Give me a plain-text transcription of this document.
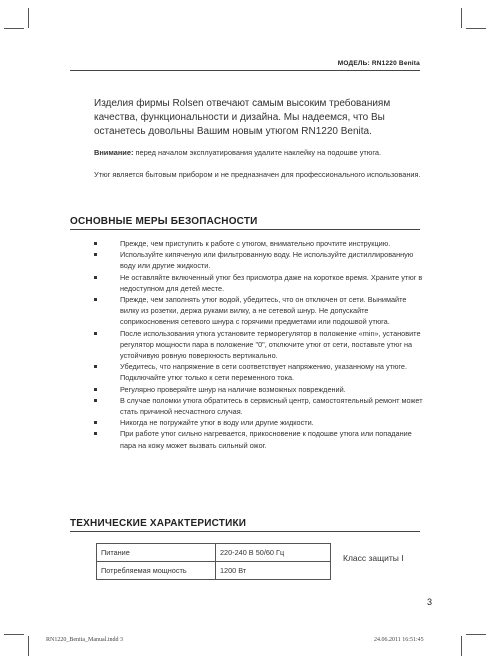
МОДЕЛЬ: RN1220 Benita
Изделия фирмы Rolsen отвечают самым высоким требованиям качества, функциональности и дизайна. Мы надеемся, что Вы останетесь довольны Вашим новым утюгом RN1220 Benita.
Внимание: перед началом эксплуатирования удалите наклейку на подошве утюга.
Утюг является бытовым прибором и не предназначен для профессионального использования.
ОСНОВНЫЕ МЕРЫ БЕЗОПАСНОСТИ
Прежде, чем приступить к работе с утюгом, внимательно прочтите инструкцию.
Используйте кипяченую или фильтрованную воду. Не используйте дистиллированную воду или другие жидкости.
Не оставляйте включенный утюг без присмотра даже на короткое время. Храните утюг в недоступном для детей месте.
Прежде, чем заполнять утюг водой, убедитесь, что он отключен от сети. Вынимайте вилку из розетки, держа руками вилку, а не сетевой шнур. Не допускайте соприкосновения сетевого шнура с горячими предметами или подошвой утюга.
После использования утюга установите терморегулятор в положение «min», установите регулятор мощности пара в положение "0", отключите утюг от сети, поставьте утюг на устойчивую ровную поверхность вертикально.
Убедитесь, что напряжение в сети соответствует напряжению, указанному на утюге. Подключайте утюг только к сети переменного тока.
Регулярно проверяйте шнур на наличие возможных повреждений.
В случае поломки утюга обратитесь в сервисный центр, самостоятельный ремонт может стать причиной несчастного случая.
Никогда не погружайте утюг в воду или другие жидкости.
При работе утюг сильно нагревается, прикосновение к подошве утюга или попадание пара на кожу может вызвать сильный ожог.
ТЕХНИЧЕСКИЕ ХАРАКТЕРИСТИКИ
Питание	220-240 В 50/60 Гц
Потребляемая мощность	1200 Вт
Класс защиты I
3
RN1220_Benita_Manual.indd 3	24.06.2011 16:51:45
